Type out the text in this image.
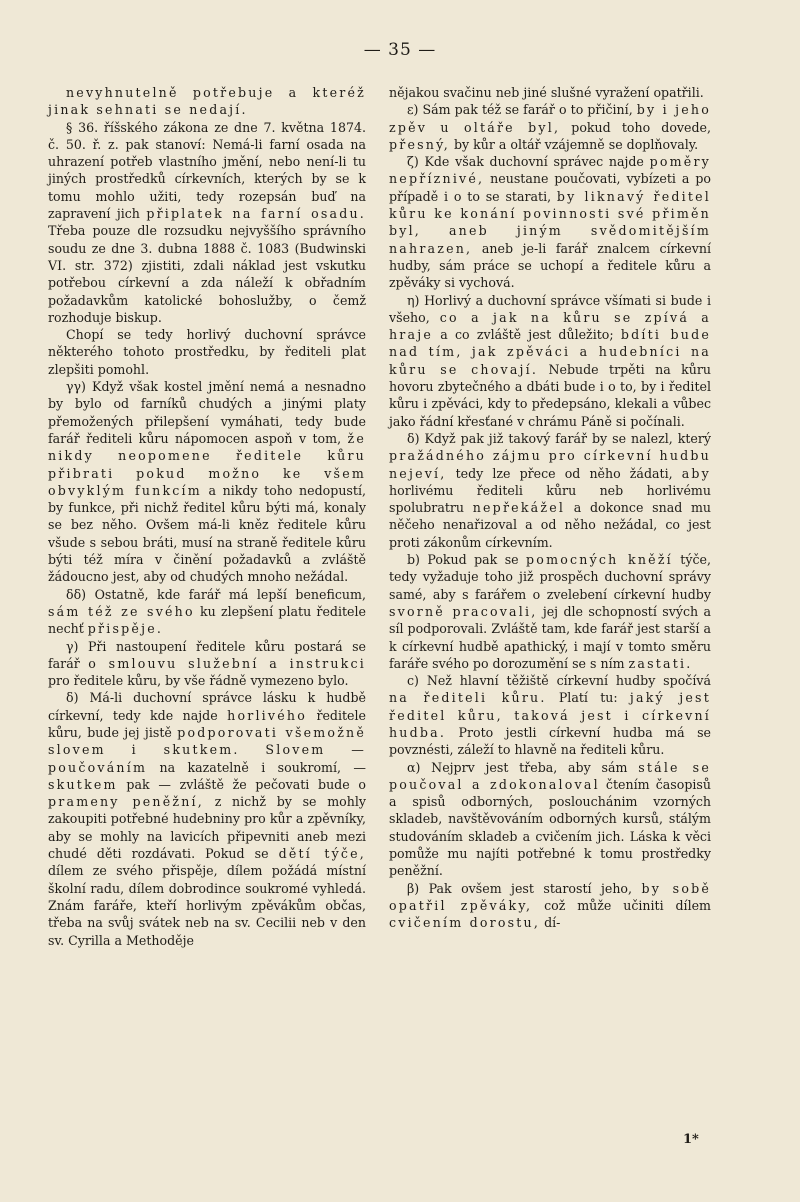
— 35 —

nevyhnutelně potřebuje a kteréž jinak sehnati se nedají.

§ 36. říšského zákona ze dne 7. května 1874. č. 50. ř. z. pak stanoví: Nemá-li farní osada na uhrazení potřeb vlastního jmění, nebo není-li tu jiných prostředků církevních, kterých by se k tomu mohlo užiti, tedy rozepsán buď na zapravení jich připlatek na farní osadu. Třeba pouze dle rozsudku nejvyššího správního soudu ze dne 3. dubna 1888 č. 1083 (Budwinski VI. str. 372) zjistiti, zdali náklad jest vskutku potřebou církevní a zda náleží k obřadním požadavkům katolické bohoslužby, o čemž rozhoduje biskup.

Chopí se tedy horlivý duchovní správce některého tohoto prostředku, by řediteli plat zlepšiti pomohl.

γγ) Když však kostel jmění nemá a nesnadno by bylo od farníků chudých a jinými platy přemožených přilepšení vymáhati, tedy bude farář řediteli kůru nápomocen aspoň v tom, že nikdy neopomene ředitele kůru přibrati pokud možno ke všem obvyklým funkcím a nikdy toho nedopustí, by funkce, při nichž ředitel kůru býti má, konaly se bez něho. Ovšem má-li kněz ředitele kůru všude s sebou bráti, musí na straně ředitele kůru býti též míra v činění požadavků a zvláště žádoucno jest, aby od chudých mnoho nežádal.

δδ) Ostatně, kde farář má lepší beneficum, sám též ze svého ku zlepšení platu ředitele nechť přispěje.

γ) Při nastoupení ředitele kůru postará se farář o smlouvu služební a instrukci pro ředitele kůru, by vše řádně vymezeno bylo.

δ) Má-li duchovní správce lásku k hudbě církevní, tedy kde najde horlivého ředitele kůru, bude jej jistě podporovati všemožně slovem i skutkem. Slovem — poučováním na kazatelně i soukromí, — skutkem pak — zvláště že pečovati bude o prameny peněžní, z nichž by se mohly zakoupiti potřebné hudebniny pro kůr a zpěvníky, aby se mohly na lavicích připevniti aneb mezi chudé děti rozdávati. Pokud se dětí týče, dílem ze svého přispěje, dílem požádá místní školní radu, dílem dobrodince soukromé vyhledá. Znám faráře, kteří horlivým zpěvákům občas, třeba na svůj svátek neb na sv. Cecilii neb v den sv. Cyrilla a Methoděje

nějakou svačinu neb jiné slušné vyražení opatřili.

ε) Sám pak též se farář o to přičiní, by i jeho zpěv u oltáře byl, pokud toho dovede, přesný, by kůr a oltář vzájemně se doplňovaly.

ζ) Kde však duchovní správec najde poměry nepříznivé, neustane poučovati, vybízeti a po případě i o to se starati, by liknavý ředitel kůru ke konání povinnosti své přiměn byl, aneb jiným svědomitějším nahrazen, aneb je-li farář znalcem církevní hudby, sám práce se uchopí a ředitele kůru a zpěváky si vychová.

η) Horlivý a duchovní správce všímati si bude i všeho, co a jak na kůru se zpívá a hraje a co zvláště jest důležito; bdíti bude nad tím, jak zpěváci a hudebníci na kůru se chovají. Nebude trpěti na kůru hovoru zbytečného a dbáti bude i o to, by i ředitel kůru i zpěváci, kdy to předepsáno, klekali a vůbec jako řádní křesťané v chrámu Páně si počínali.

δ) Když pak již takový farář by se nalezl, který pražádného zájmu pro církevní hudbu nejeví, tedy lze přece od něho žádati, aby horlivému řediteli kůru neb horlivému spolubratru nepřekážel a dokonce snad mu něčeho nenařizoval a od něho nežádal, co jest proti zákonům církevním.

b) Pokud pak se pomocných kněží týče, tedy vyžaduje toho již prospěch duchovní správy samé, aby s farářem o zvelebení církevní hudby svorně pracovali, jej dle schopností svých a síl podporovali. Zvláště tam, kde farář jest starší a k církevní hudbě apathický, i mají v tomto směru faráře svého po dorozumění se s ním zastati.

c) Než hlavní těžiště církevní hudby spočívá na řediteli kůru. Platí tu: jaký jest ředitel kůru, taková jest i církevní hudba. Proto jestli církevní hudba má se povznésti, záleží to hlavně na řediteli kůru.

α) Nejprv jest třeba, aby sám stále se poučoval a zdokonaloval čtením časopisů a spisů odborných, poslouchánim vzorných skladeb, navštěvováním odborných kursů, stálým studováním skladeb a cvičením jich. Láska k věci pomůže mu najíti potřebné k tomu prostředky peněžní.

β) Pak ovšem jest starostí jeho, by sobě opatřil zpěváky, což může učiniti dílem cvičením dorostu, dí-

1*
